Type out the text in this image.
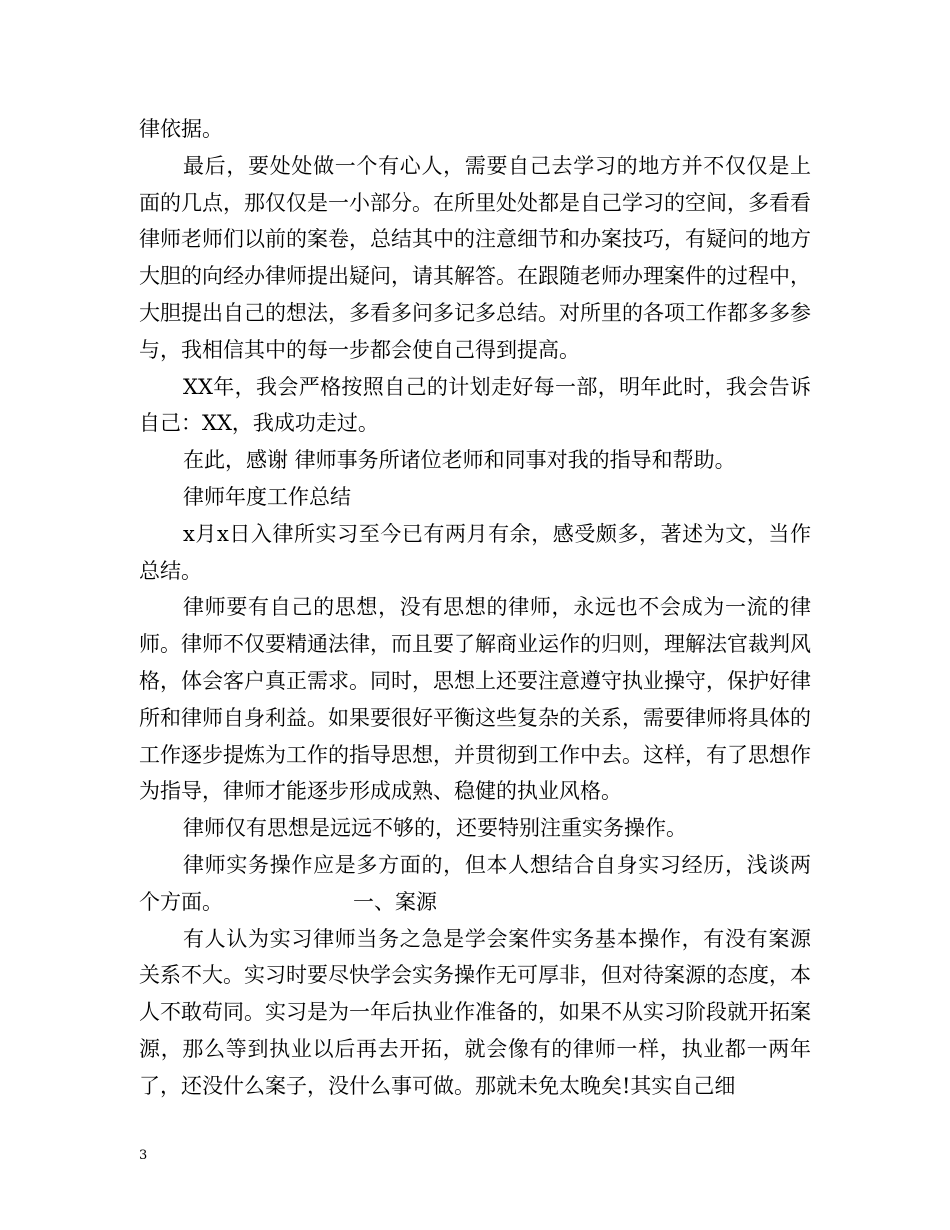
律依据。

最后，要处处做一个有心人，需要自己去学习的地方并不仅仅是上面的几点，那仅仅是一小部分。在所里处处都是自己学习的空间，多看看律师老师们以前的案卷，总结其中的注意细节和办案技巧，有疑问的地方大胆的向经办律师提出疑问，请其解答。在跟随老师办理案件的过程中，大胆提出自己的想法，多看多问多记多总结。对所里的各项工作都多多参与，我相信其中的每一步都会使自己得到提高。

XX年，我会严格按照自己的计划走好每一部，明年此时，我会告诉自己：XX，我成功走过。

在此，感谢 律师事务所诸位老师和同事对我的指导和帮助。

律师年度工作总结

x月x日入律所实习至今已有两月有余，感受颇多，著述为文，当作总结。

律师要有自己的思想，没有思想的律师，永远也不会成为一流的律师。律师不仅要精通法律，而且要了解商业运作的归则，理解法官裁判风格，体会客户真正需求。同时，思想上还要注意遵守执业操守，保护好律所和律师自身利益。如果要很好平衡这些复杂的关系，需要律师将具体的工作逐步提炼为工作的指导思想，并贯彻到工作中去。这样，有了思想作为指导，律师才能逐步形成成熟、稳健的执业风格。

律师仅有思想是远远不够的，还要特别注重实务操作。

律师实务操作应是多方面的，但本人想结合自身实习经历，浅谈两个方面。	一、案源

有人认为实习律师当务之急是学会案件实务基本操作，有没有案源关系不大。实习时要尽快学会实务操作无可厚非，但对待案源的态度，本人不敢苟同。实习是为一年后执业作准备的，如果不从实习阶段就开拓案源，那么等到执业以后再去开拓，就会像有的律师一样，执业都一两年了，还没什么案子，没什么事可做。那就未免太晚矣!其实自己细

3
